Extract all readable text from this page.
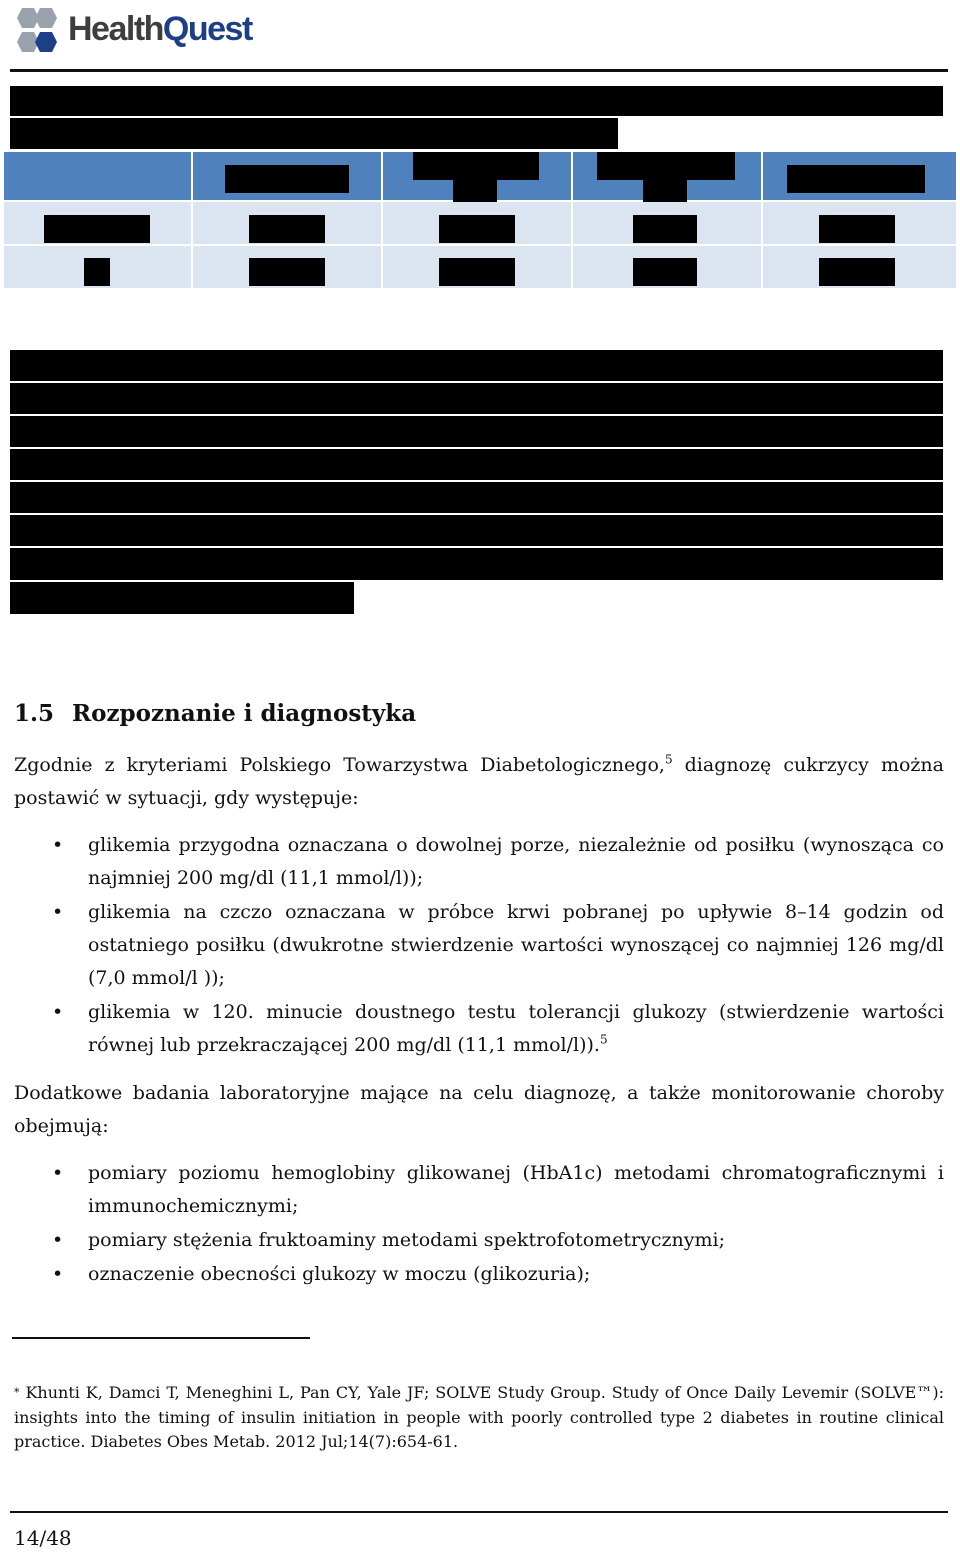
HealthQuest
1.5 Rozpoznanie i diagnostyka

Zgodnie z kryteriami Polskiego Towarzystwa Diabetologicznego,$^5$ diagnozę cukrzycy można postawić w sytuacji, gdy występuje:

• glikemia przygodna oznaczana o dowolnej porze, niezależnie od posiłku (wynosząca co najmniej 200 mg/dl (11,1 mmol/l));
• glikemia na czczo oznaczana w próbce krwi pobranej po upływie 8–14 godzin od ostatniego posiłku (dwukrotne stwierdzenie wartości wynoszącej co najmniej 126 mg/dl (7,0 mmol/l ));
• glikemia w 120. minucie doustnego testu tolerancji glukozy (stwierdzenie wartości równej lub przekraczającej 200 mg/dl (11,1 mmol/l)).$^5$

Dodatkowe badania laboratoryjne mające na celu diagnozę, a także monitorowanie choroby obejmują:

• pomiary poziomu hemoglobiny glikowanej (HbA1c) metodami chromatograficznymi i immunochemicznymi;
• pomiary stężenia fruktoaminy metodami spektrofotometrycznymi;
• oznaczenie obecności glukozy w moczu (glikozuria);

* Khunti K, Damci T, Meneghini L, Pan CY, Yale JF; SOLVE Study Group. Study of Once Daily Levemir (SOLVE™): insights into the timing of insulin initiation in people with poorly controlled type 2 diabetes in routine clinical practice. Diabetes Obes Metab. 2012 Jul;14(7):654-61.

14/48
